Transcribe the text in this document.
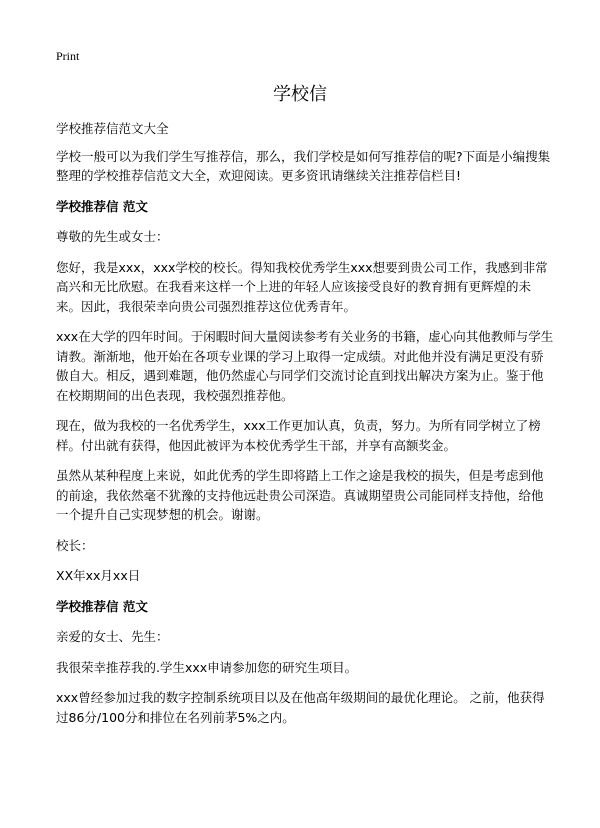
Print
学校信

学校推荐信范文大全

学校一般可以为我们学生写推荐信，那么，我们学校是如何写推荐信的呢?下面是小编搜集整理的学校推荐信范文大全，欢迎阅读。更多资讯请继续关注推荐信栏目!

学校推荐信 范文

尊敬的先生或女士：

您好，我是xxx，xxx学校的校长。得知我校优秀学生xxx想要到贵公司工作，我感到非常高兴和无比欣慰。在我看来这样一个上进的年轻人应该接受良好的教育拥有更辉煌的未来。因此，我很荣幸向贵公司强烈推荐这位优秀青年。

xxx在大学的四年时间。于闲暇时间大量阅读参考有关业务的书籍，虚心向其他教师与学生请教。渐渐地，他开始在各项专业课的学习上取得一定成绩。对此他并没有满足更没有骄傲自大。相反，遇到难题，他仍然虚心与同学们交流讨论直到找出解决方案为止。鉴于他在校期期间的出色表现，我校强烈推荐他。

现在，做为我校的一名优秀学生，xxx工作更加认真，负责，努力。为所有同学树立了榜样。付出就有获得，他因此被评为本校优秀学生干部，并享有高额奖金。

虽然从某种程度上来说，如此优秀的学生即将踏上工作之途是我校的损失，但是考虑到他的前途，我依然毫不犹豫的支持他远赴贵公司深造。真诚期望贵公司能同样支持他，给他一个提升自己实现梦想的机会。谢谢。

校长：

XX年xx月xx日

学校推荐信 范文

亲爱的女士、先生：

我很荣幸推荐我的.学生xxx申请参加您的研究生项目。

xxx曾经参加过我的数字控制系统项目以及在他高年级期间的最优化理论。 之前，他获得过86分/100分和排位在名列前茅5%之内。
